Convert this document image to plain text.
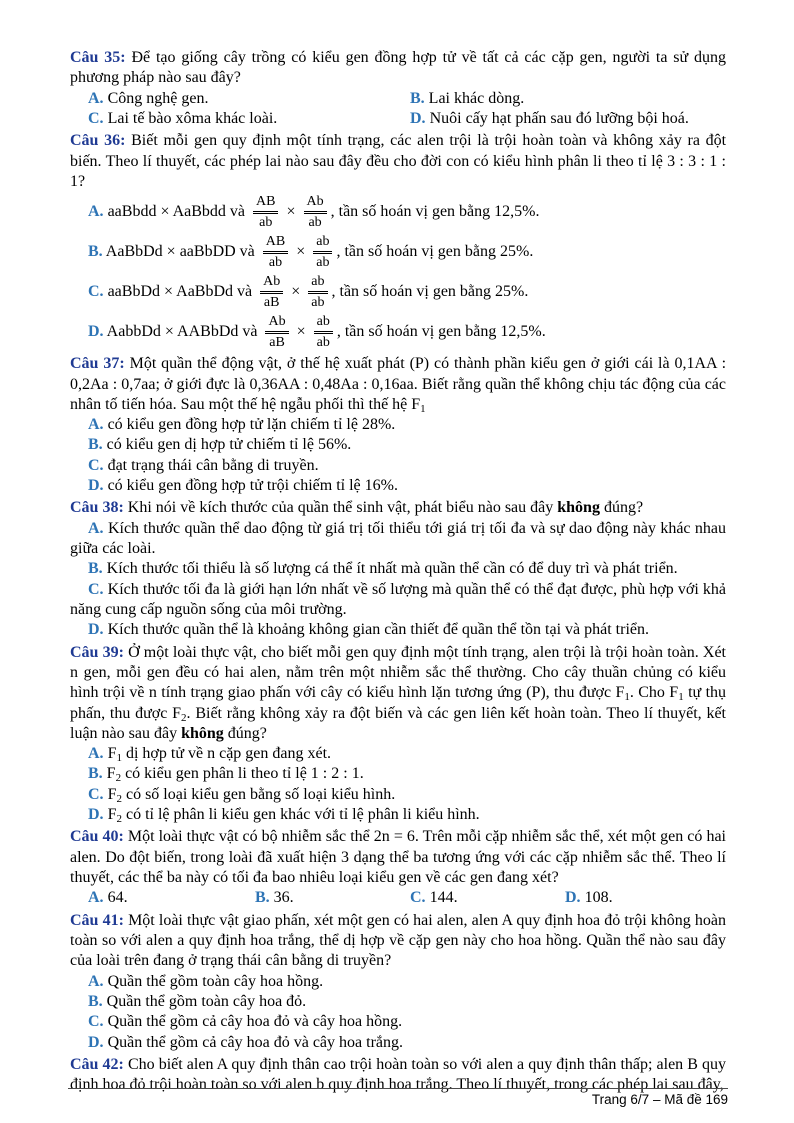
Câu 35: Để tạo giống cây trồng có kiểu gen đồng hợp tử về tất cả các cặp gen, người ta sử dụng phương pháp nào sau đây?

A. Công nghệ gen.	B. Lai khác dòng.

C. Lai tế bào xôma khác loài.	D. Nuôi cấy hạt phấn sau đó lưỡng bội hoá.

Câu 36: Biết mỗi gen quy định một tính trạng, các alen trội là trội hoàn toàn và không xảy ra đột biến. Theo lí thuyết, các phép lai nào sau đây đều cho đời con có kiểu hình phân li theo tỉ lệ 3 : 3 : 1 : 1?

A. aaBbdd × AaBbdd và $\frac{AB}{ab} \times \frac{Ab}{ab}$ , tần số hoán vị gen bằng 12,5%.
B. AaBbDd × aaBbDD và $\frac{AB}{ab} \times \frac{ab}{ab}$ , tần số hoán vị gen bằng 25%.
C. aaBbDd × AaBbDd và $\frac{Ab}{aB} \times \frac{ab}{ab}$ , tần số hoán vị gen bằng 25%.
D. AabbDd × AABbDd và $\frac{Ab}{aB} \times \frac{ab}{ab}$ , tần số hoán vị gen bằng 12,5%.

Câu 37: Một quần thể động vật, ở thế hệ xuất phát (P) có thành phần kiểu gen ở giới cái là 0,1AA : 0,2Aa : 0,7aa; ở giới đực là 0,36AA : 0,48Aa : 0,16aa. Biết rằng quần thể không chịu tác động của các nhân tố tiến hóa. Sau một thế hệ ngẫu phối thì thế hệ $F_1$

A. có kiểu gen đồng hợp tử lặn chiếm tỉ lệ 28%.

B. có kiểu gen dị hợp tử chiếm tỉ lệ 56%.

C. đạt trạng thái cân bằng di truyền.

D. có kiểu gen đồng hợp tử trội chiếm tỉ lệ 16%.

Câu 38: Khi nói về kích thước của quần thể sinh vật, phát biểu nào sau đây không đúng?

A. Kích thước quần thể dao động từ giá trị tối thiểu tới giá trị tối đa và sự dao động này khác nhau giữa các loài.

B. Kích thước tối thiểu là số lượng cá thể ít nhất mà quần thể cần có để duy trì và phát triển.

C. Kích thước tối đa là giới hạn lớn nhất về số lượng mà quần thể có thể đạt được, phù hợp với khả năng cung cấp nguồn sống của môi trường.

D. Kích thước quần thể là khoảng không gian cần thiết để quần thể tồn tại và phát triển.

Câu 39: Ở một loài thực vật, cho biết mỗi gen quy định một tính trạng, alen trội là trội hoàn toàn. Xét n gen, mỗi gen đều có hai alen, nằm trên một nhiễm sắc thể thường. Cho cây thuần chủng có kiểu hình trội về n tính trạng giao phấn với cây có kiểu hình lặn tương ứng (P), thu được $F_1$. Cho $F_1$ tự thụ phấn, thu được $F_2$. Biết rằng không xảy ra đột biến và các gen liên kết hoàn toàn. Theo lí thuyết, kết luận nào sau đây không đúng?

A. $F_1$ dị hợp tử về n cặp gen đang xét.

B. $F_2$ có kiểu gen phân li theo tỉ lệ 1 : 2 : 1.

C. $F_2$ có số loại kiểu gen bằng số loại kiểu hình.

D. $F_2$ có tỉ lệ phân li kiểu gen khác với tỉ lệ phân li kiểu hình.

Câu 40: Một loài thực vật có bộ nhiễm sắc thể 2n = 6. Trên mỗi cặp nhiễm sắc thể, xét một gen có hai alen. Do đột biến, trong loài đã xuất hiện 3 dạng thể ba tương ứng với các cặp nhiễm sắc thể. Theo lí thuyết, các thể ba này có tối đa bao nhiêu loại kiểu gen về các gen đang xét?

A. 64.	B. 36.	C. 144.	D. 108.

Câu 41: Một loài thực vật giao phấn, xét một gen có hai alen, alen A quy định hoa đỏ trội không hoàn toàn so với alen a quy định hoa trắng, thể dị hợp về cặp gen này cho hoa hồng. Quần thể nào sau đây của loài trên đang ở trạng thái cân bằng di truyền?

A. Quần thể gồm toàn cây hoa hồng.

B. Quần thể gồm toàn cây hoa đỏ.

C. Quần thể gồm cả cây hoa đỏ và cây hoa hồng.

D. Quần thể gồm cả cây hoa đỏ và cây hoa trắng.

Câu 42: Cho biết alen A quy định thân cao trội hoàn toàn so với alen a quy định thân thấp; alen B quy định hoa đỏ trội hoàn toàn so với alen b quy định hoa trắng. Theo lí thuyết, trong các phép lai sau đây,

Trang 6/7 – Mã đề 169
